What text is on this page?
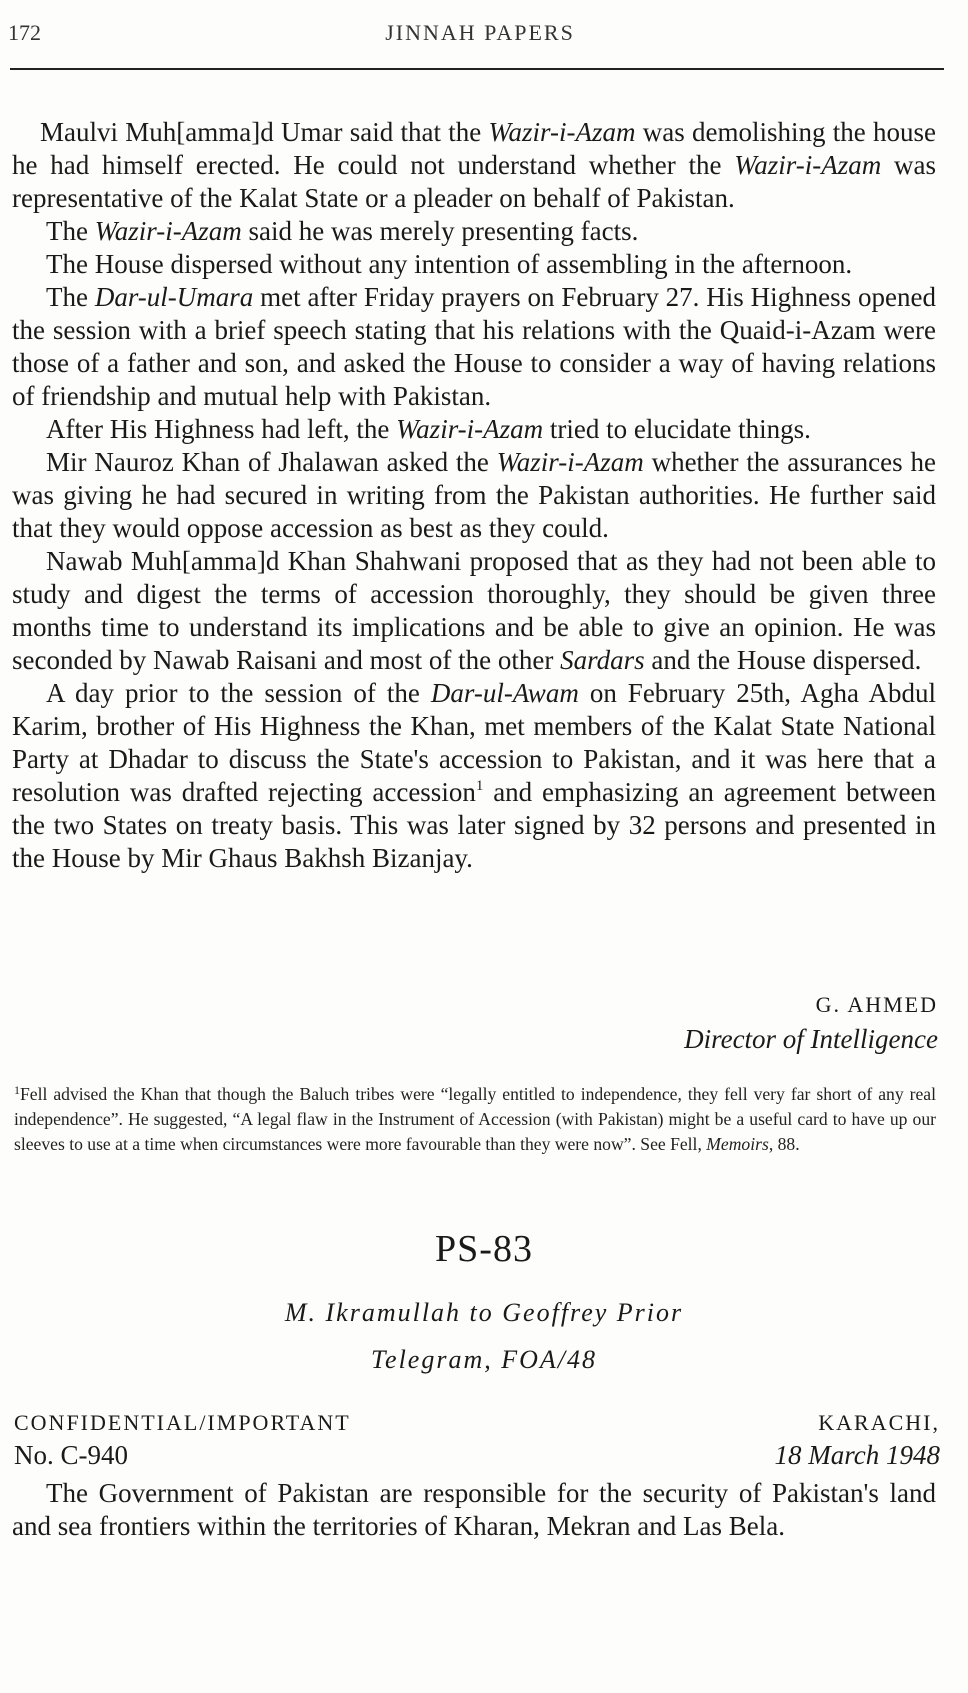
172	JINNAH PAPERS

Maulvi Muh[amma]d Umar said that the Wazir-i-Azam was demolishing the house he had himself erected. He could not understand whether the Wazir-i-Azam was representative of the Kalat State or a pleader on behalf of Pakistan.

The Wazir-i-Azam said he was merely presenting facts.

The House dispersed without any intention of assembling in the afternoon.

The Dar-ul-Umara met after Friday prayers on February 27. His Highness opened the session with a brief speech stating that his relations with the Quaid-i-Azam were those of a father and son, and asked the House to consider a way of having relations of friendship and mutual help with Pakistan.

After His Highness had left, the Wazir-i-Azam tried to elucidate things.

Mir Nauroz Khan of Jhalawan asked the Wazir-i-Azam whether the assurances he was giving he had secured in writing from the Pakistan authorities. He further said that they would oppose accession as best as they could.

Nawab Muh[amma]d Khan Shahwani proposed that as they had not been able to study and digest the terms of accession thoroughly, they should be given three months time to understand its implications and be able to give an opinion. He was seconded by Nawab Raisani and most of the other Sardars and the House dispersed.

A day prior to the session of the Dar-ul-Awam on February 25th, Agha Abdul Karim, brother of His Highness the Khan, met members of the Kalat State National Party at Dhadar to discuss the State's accession to Pakistan, and it was here that a resolution was drafted rejecting accession$^1$ and emphasizing an agreement between the two States on treaty basis. This was later signed by 32 persons and presented in the House by Mir Ghaus Bakhsh Bizanjay.

G. AHMED
Director of Intelligence
$^1$Fell advised the Khan that though the Baluch tribes were “legally entitled to independence, they fell very far short of any real independence”. He suggested, “A legal flaw in the Instrument of Accession (with Pakistan) might be a useful card to have up our sleeves to use at a time when circumstances were more favourable than they were now”. See Fell, Memoirs, 88.
PS-83
M. Ikramullah to Geoffrey Prior
Telegram, FOA/48
CONFIDENTIAL/IMPORTANT	KARACHI,
No. C-940	18 March 1948

The Government of Pakistan are responsible for the security of Pakistan's land and sea frontiers within the territories of Kharan, Mekran and Las Bela.
